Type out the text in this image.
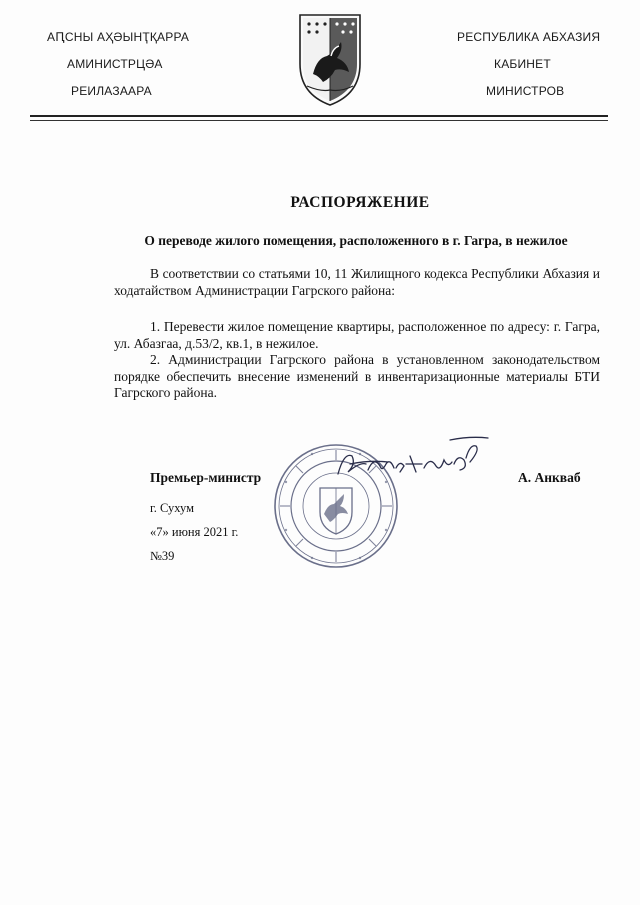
АԤСНЫ АҲӘЫНҬҚАРРА
АМИНИСТРЦӘА
РЕИЛАЗААРА
РЕСПУБЛИКА АБХАЗИЯ
КАБИНЕТ
МИНИСТРОВ
РАСПОРЯЖЕНИЕ
О переводе жилого помещения, расположенного в г. Гагра, в нежилое
В соответствии со статьями 10, 11 Жилищного кодекса Республики Абхазия и ходатайством Администрации Гагрского района:
1. Перевести жилое помещение квартиры, расположенное по адресу: г. Гагра, ул. Абазгаа, д.53/2, кв.1, в нежилое.
2. Администрации Гагрского района в установленном законодательством порядке обеспечить внесение изменений в инвентаризационные материалы БТИ Гагрского района.
Премьер-министр	А. Анкваб
г. Сухум
«7» июня 2021 г.
№39
